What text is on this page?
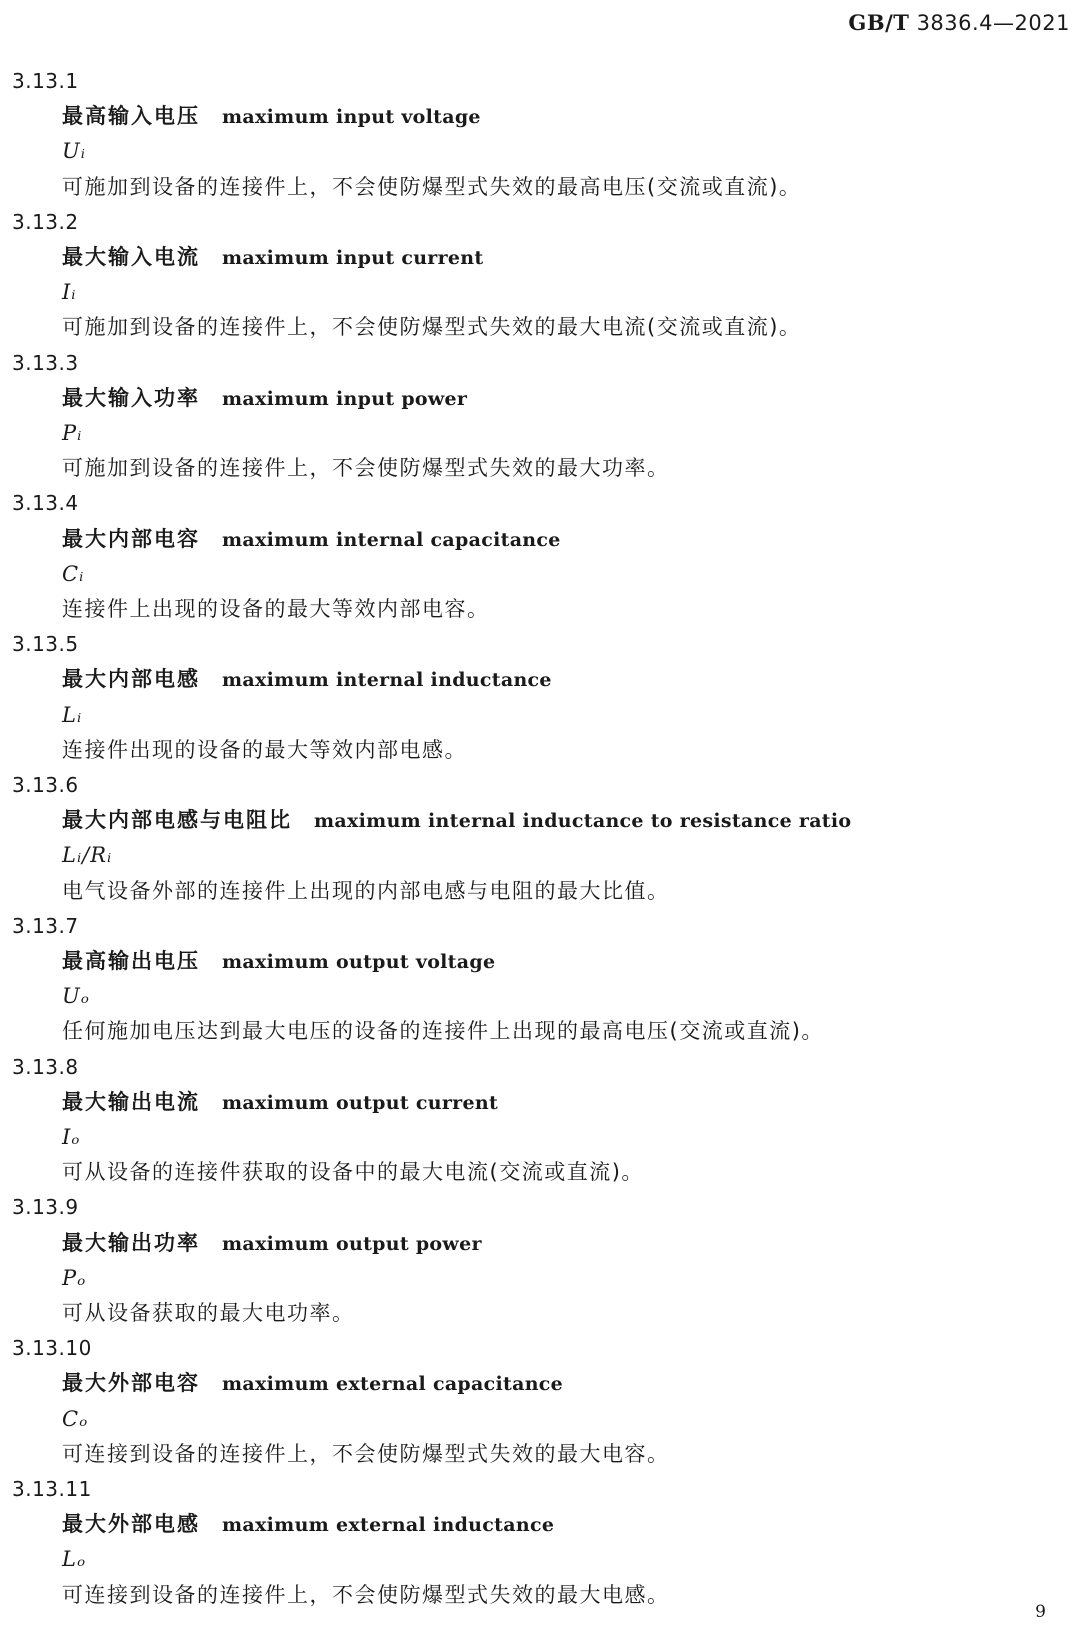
GB/T 3836.4—2021
3.13.1
最高输入电压 maximum input voltage
Uᵢ
可施加到设备的连接件上，不会使防爆型式失效的最高电压(交流或直流)。
3.13.2
最大输入电流 maximum input current
Iᵢ
可施加到设备的连接件上，不会使防爆型式失效的最大电流(交流或直流)。
3.13.3
最大输入功率 maximum input power
Pᵢ
可施加到设备的连接件上，不会使防爆型式失效的最大功率。
3.13.4
最大内部电容 maximum internal capacitance
Cᵢ
连接件上出现的设备的最大等效内部电容。
3.13.5
最大内部电感 maximum internal inductance
Lᵢ
连接件出现的设备的最大等效内部电感。
3.13.6
最大内部电感与电阻比 maximum internal inductance to resistance ratio
Lᵢ/Rᵢ
电气设备外部的连接件上出现的内部电感与电阻的最大比值。
3.13.7
最高输出电压 maximum output voltage
Uₒ
任何施加电压达到最大电压的设备的连接件上出现的最高电压(交流或直流)。
3.13.8
最大输出电流 maximum output current
Iₒ
可从设备的连接件获取的设备中的最大电流(交流或直流)。
3.13.9
最大输出功率 maximum output power
Pₒ
可从设备获取的最大电功率。
3.13.10
最大外部电容 maximum external capacitance
Cₒ
可连接到设备的连接件上，不会使防爆型式失效的最大电容。
3.13.11
最大外部电感 maximum external inductance
Lₒ
可连接到设备的连接件上，不会使防爆型式失效的最大电感。
9
